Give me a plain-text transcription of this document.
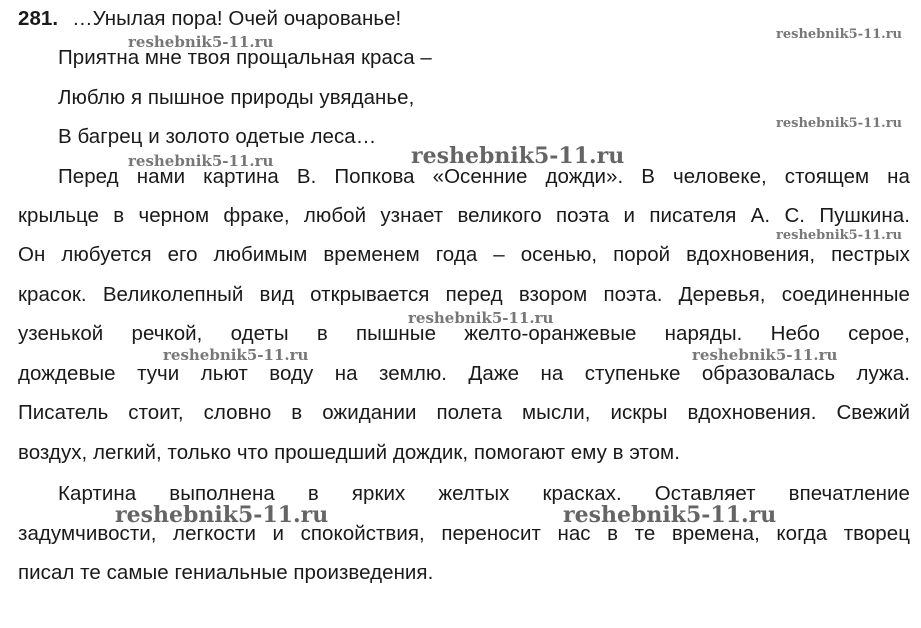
281. …Унылая пора! Очей очарованье!
Приятна мне твоя прощальная краса –
Люблю я пышное природы увяданье,
В багрец и золото одетые леса…
Перед нами картина В. Попкова «Осенние дожди». В человеке, стоящем на
крыльце в черном фраке, любой узнает великого поэта и писателя А. С. Пушкина.
Он любуется его любимым временем года – осенью, порой вдохновения, пестрых
красок. Великолепный вид открывается перед взором поэта. Деревья, соединенные
узенькой речкой, одеты в пышные желто-оранжевые наряды. Небо серое,
дождевые тучи льют воду на землю. Даже на ступеньке образовалась лужа.
Писатель стоит, словно в ожидании полета мысли, искры вдохновения. Свежий
воздух, легкий, только что прошедший дождик, помогают ему в этом.
Картина выполнена в ярких желтых красках. Оставляет впечатление
задумчивости, легкости и спокойствия, переносит нас в те времена, когда творец
писал те самые гениальные произведения.
reshebnik5-11.ru	reshebnik5-11.ru
reshebnik5-11.ru
reshebnik5-11.ru	reshebnik5-11.ru
reshebnik5-11.ru
reshebnik5-11.ru
reshebnik5-11.ru	reshebnik5-11.ru
reshebnik5-11.ru	reshebnik5-11.ru
